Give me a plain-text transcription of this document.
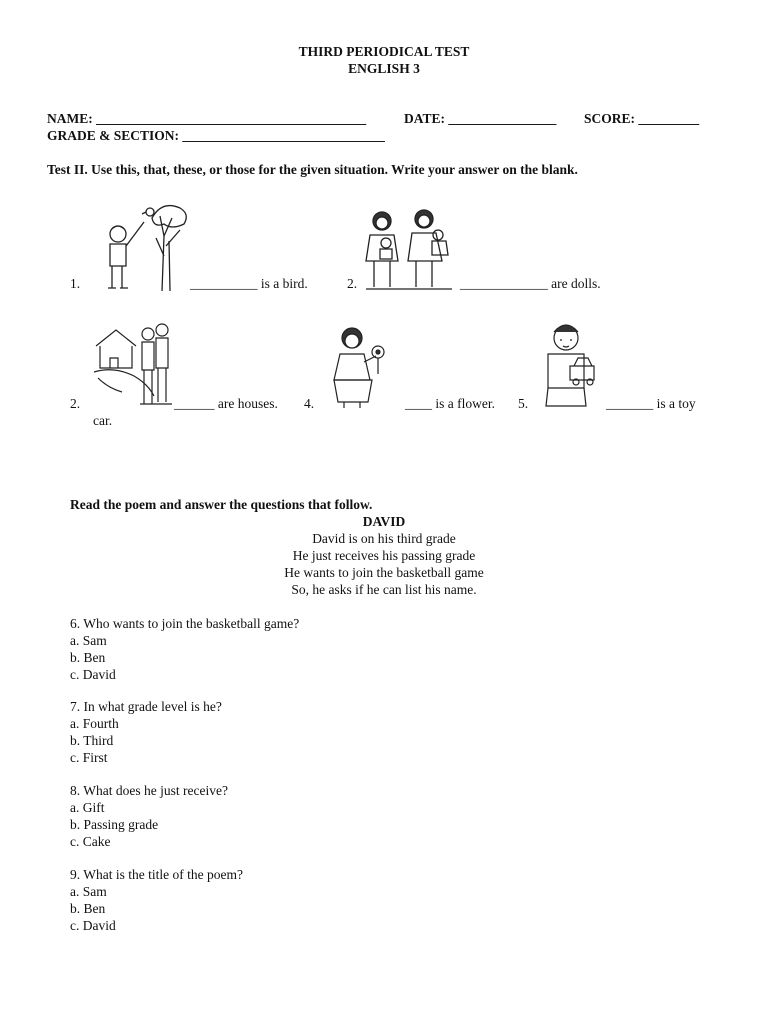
THIRD PERIODICAL TEST
ENGLISH 3
NAME: ________________________________________	DATE: ________________ SCORE: _________
GRADE & SECTION: ______________________________
Test II. Use this, that, these, or those for the given situation. Write your answer on the blank.
1.	__________ is a bird.	2.	_____________ are dolls.
2.	______ are houses. 4.	____ is a flower. 5.	_______ is a toy
car.
Read the poem and answer the questions that follow.
DAVID

David is on his third grade

He just receives his passing grade

He wants to join the basketball game

So, he asks if he can list his name.

6. Who wants to join the basketball game?

a. Sam

b. Ben

c. David

7. In what grade level is he?

a. Fourth

b. Third

c. First

8. What does he just receive?

a. Gift

b. Passing grade

c. Cake

9. What is the title of the poem?

a. Sam

b. Ben

c. David
